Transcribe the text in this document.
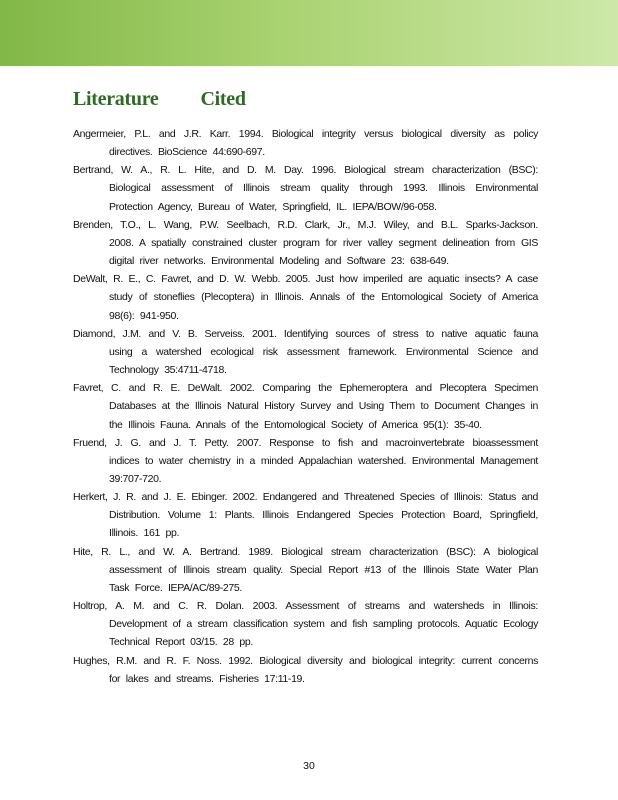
Literature Cited

Angermeier, P.L. and J.R. Karr. 1994. Biological integrity versus biological diversity as policy directives. BioScience 44:690-697.

Bertrand, W. A., R. L. Hite, and D. M. Day. 1996. Biological stream characterization (BSC): Biological assessment of Illinois stream quality through 1993. Illinois Environmental Protection Agency, Bureau of Water, Springfield, IL. IEPA/BOW/96-058.

Brenden, T.O., L. Wang, P.W. Seelbach, R.D. Clark, Jr., M.J. Wiley, and B.L. Sparks-Jackson. 2008. A spatially constrained cluster program for river valley segment delineation from GIS digital river networks. Environmental Modeling and Software 23: 638-649.

DeWalt, R. E., C. Favret, and D. W. Webb. 2005. Just how imperiled are aquatic insects? A case study of stoneflies (Plecoptera) in Illinois. Annals of the Entomological Society of America 98(6): 941-950.

Diamond, J.M. and V. B. Serveiss. 2001. Identifying sources of stress to native aquatic fauna using a watershed ecological risk assessment framework. Environmental Science and Technology 35:4711-4718.

Favret, C. and R. E. DeWalt. 2002. Comparing the Ephemeroptera and Plecoptera Specimen Databases at the Illinois Natural History Survey and Using Them to Document Changes in the Illinois Fauna. Annals of the Entomological Society of America 95(1): 35-40.

Fruend, J. G. and J. T. Petty. 2007. Response to fish and macroinvertebrate bioassessment indices to water chemistry in a minded Appalachian watershed. Environmental Management 39:707-720.

Herkert, J. R. and J. E. Ebinger. 2002. Endangered and Threatened Species of Illinois: Status and Distribution. Volume 1: Plants. Illinois Endangered Species Protection Board, Springfield, Illinois. 161 pp.

Hite, R. L., and W. A. Bertrand. 1989. Biological stream characterization (BSC): A biological assessment of Illinois stream quality. Special Report #13 of the Illinois State Water Plan Task Force. IEPA/AC/89-275.

Holtrop, A. M. and C. R. Dolan. 2003. Assessment of streams and watersheds in Illinois: Development of a stream classification system and fish sampling protocols. Aquatic Ecology Technical Report 03/15. 28 pp.

Hughes, R.M. and R. F. Noss. 1992. Biological diversity and biological integrity: current concerns for lakes and streams. Fisheries 17:11-19.

30
